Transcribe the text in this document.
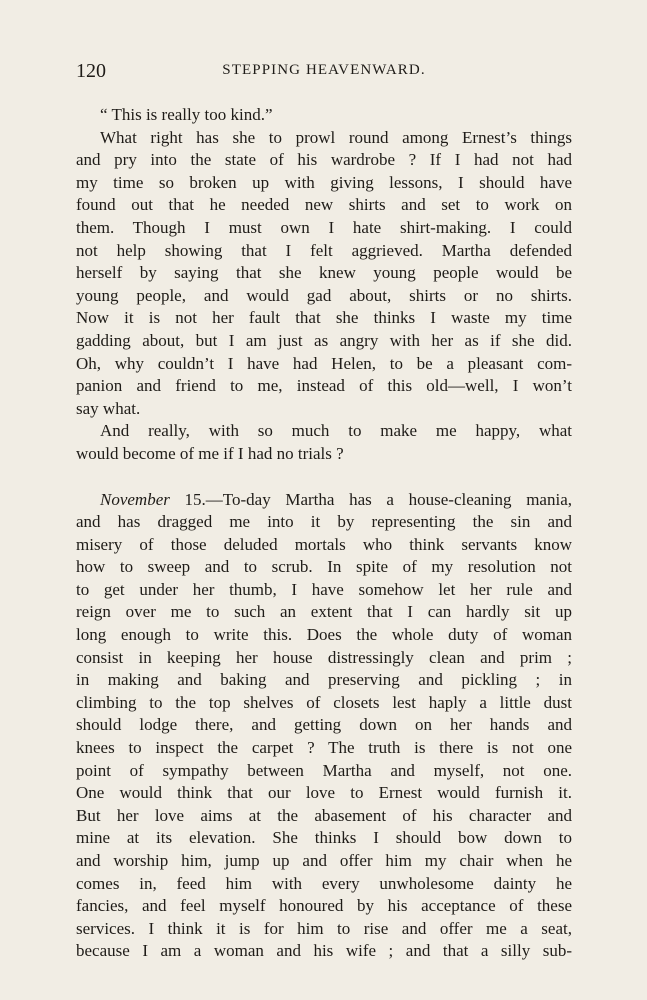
120	STEPPING HEAVENWARD.
“ This is really too kind.”
What right has she to prowl round among Ernest’s things
and pry into the state of his wardrobe ? If I had not had
my time so broken up with giving lessons, I should have
found out that he needed new shirts and set to work on
them. Though I must own I hate shirt-making. I could
not help showing that I felt aggrieved. Martha defended
herself by saying that she knew young people would be
young people, and would gad about, shirts or no shirts.
Now it is not her fault that she thinks I waste my time
gadding about, but I am just as angry with her as if she did.
Oh, why couldn’t I have had Helen, to be a pleasant com-
panion and friend to me, instead of this old—well, I won’t
say what.
And really, with so much to make me happy, what
would become of me if I had no trials ?
November 15.—To-day Martha has a house-cleaning mania,
and has dragged me into it by representing the sin and
misery of those deluded mortals who think servants know
how to sweep and to scrub. In spite of my resolution not
to get under her thumb, I have somehow let her rule and
reign over me to such an extent that I can hardly sit up
long enough to write this. Does the whole duty of woman
consist in keeping her house distressingly clean and prim ;
in making and baking and preserving and pickling ; in
climbing to the top shelves of closets lest haply a little dust
should lodge there, and getting down on her hands and
knees to inspect the carpet ? The truth is there is not one
point of sympathy between Martha and myself, not one.
One would think that our love to Ernest would furnish it.
But her love aims at the abasement of his character and
mine at its elevation. She thinks I should bow down to
and worship him, jump up and offer him my chair when he
comes in, feed him with every unwholesome dainty he
fancies, and feel myself honoured by his acceptance of these
services. I think it is for him to rise and offer me a seat,
because I am a woman and his wife ; and that a silly sub-
